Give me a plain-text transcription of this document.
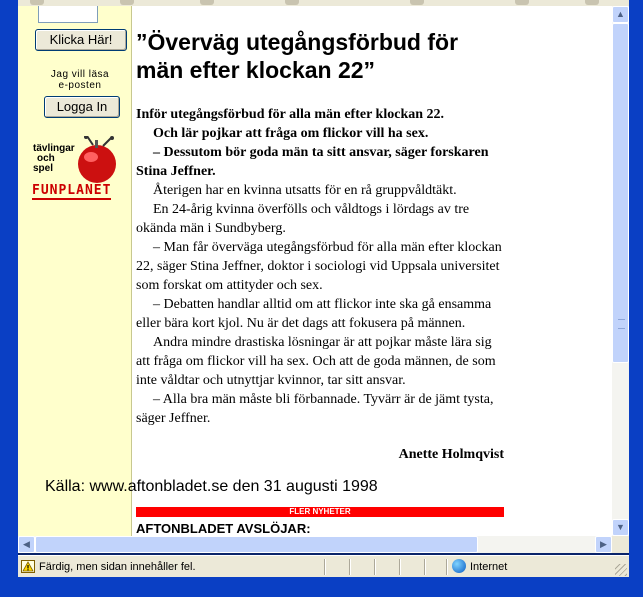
Klicka Här!
Jag vill läsa
e-posten
Logga In
tävlingar
och
spel
FUNPLANET
”Överväg utegångsförbud för
män efter klockan 22”

Inför utegångsförbud för alla män efter klockan 22.

Och lär pojkar att fråga om flickor vill ha sex.

– Dessutom bör goda män ta sitt ansvar, säger forskaren Stina Jeffner.

Återigen har en kvinna utsatts för en rå gruppvåldtäkt.

En 24-årig kvinna överfölls och våldtogs i lördags av tre okända män i Sundbyberg.

– Man får överväga utegångsförbud för alla män efter klockan 22, säger Stina Jeffner, doktor i sociologi vid Uppsala universitet som forskat om attityder och sex.

– Debatten handlar alltid om att flickor inte ska gå ensamma eller bära kort kjol. Nu är det dags att fokusera på männen.

Andra mindre drastiska lösningar är att pojkar måste lära sig att fråga om flickor vill ha sex. Och att de goda männen, de som inte våldtar och utnyttjar kvinnor, tar sitt ansvar.

– Alla bra män måste bli förbannade. Tyvärr är de jämt tysta, säger Jeffner.

Anette Holmqvist
Källa: www.aftonbladet.se den 31 augusti 1998
FLER NYHETER
AFTONBLADET AVSLÖJAR:
▲
▼
◀	▶
Färdig, men sidan innehåller fel.	Internet
